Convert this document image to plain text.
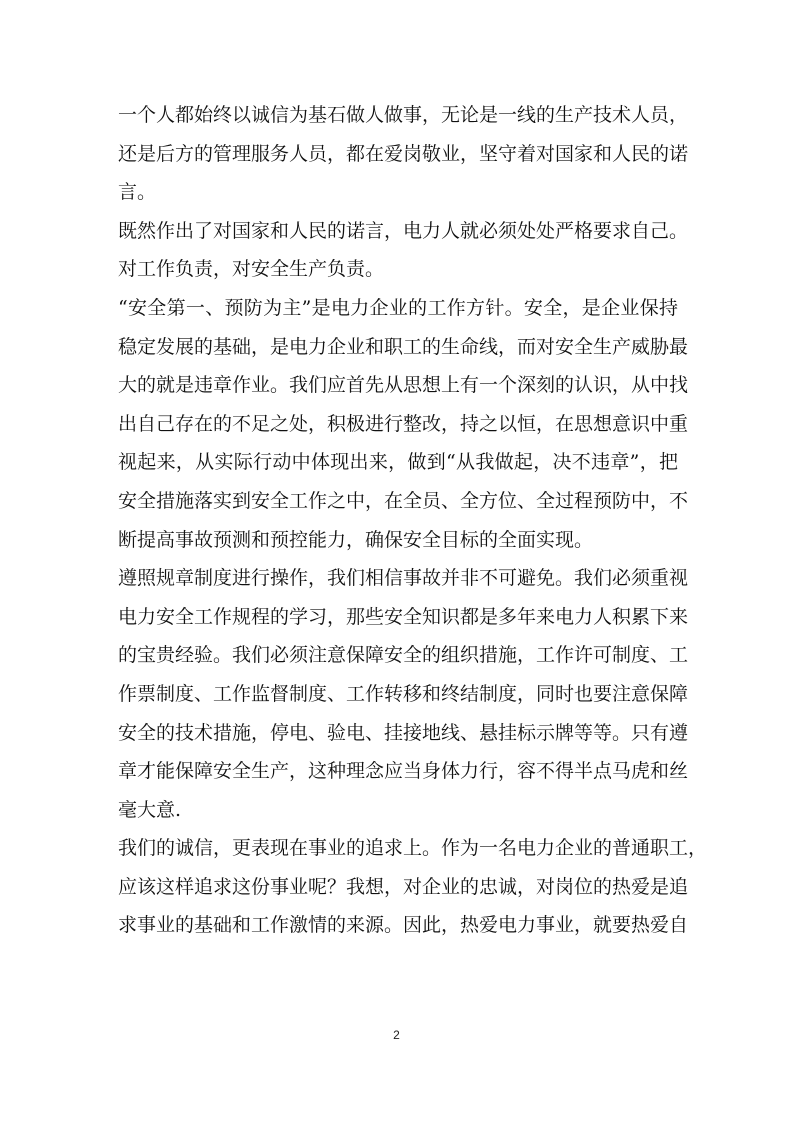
一个人都始终以诚信为基石做人做事，无论是一线的生产技术人员，
还是后方的管理服务人员，都在爱岗敬业，坚守着对国家和人民的诺
言。
既然作出了对国家和人民的诺言，电力人就必须处处严格要求自己。
对工作负责，对安全生产负责。
“安全第一、预防为主”是电力企业的工作方针。安全，是企业保持
稳定发展的基础，是电力企业和职工的生命线，而对安全生产威胁最
大的就是违章作业。我们应首先从思想上有一个深刻的认识，从中找
出自己存在的不足之处，积极进行整改，持之以恒，在思想意识中重
视起来，从实际行动中体现出来，做到“从我做起，决不违章”，把
安全措施落实到安全工作之中，在全员、全方位、全过程预防中，不
断提高事故预测和预控能力，确保安全目标的全面实现。
遵照规章制度进行操作，我们相信事故并非不可避免。我们必须重视
电力安全工作规程的学习，那些安全知识都是多年来电力人积累下来
的宝贵经验。我们必须注意保障安全的组织措施，工作许可制度、工
作票制度、工作监督制度、工作转移和终结制度，同时也要注意保障
安全的技术措施，停电、验电、挂接地线、悬挂标示牌等等。只有遵
章才能保障安全生产，这种理念应当身体力行，容不得半点马虎和丝
毫大意.
我们的诚信，更表现在事业的追求上。作为一名电力企业的普通职工，
应该这样追求这份事业呢？我想，对企业的忠诚，对岗位的热爱是追
求事业的基础和工作激情的来源。因此，热爱电力事业，就要热爱自
2
